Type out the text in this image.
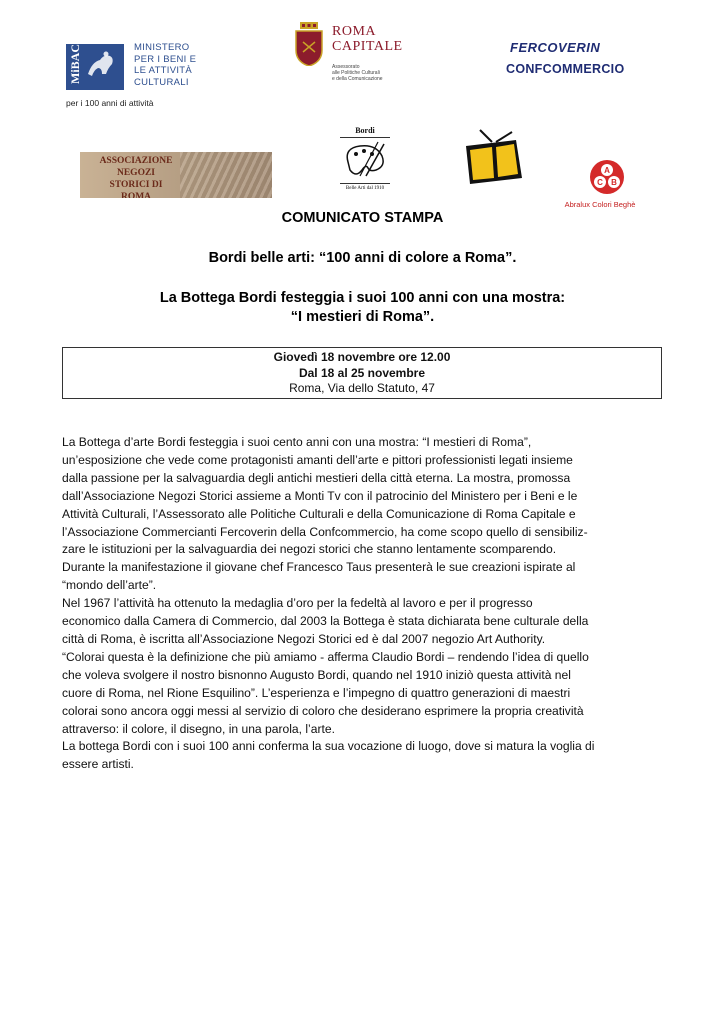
MiBAC	MINISTERO
PER I BENI E
LE ATTIVITÀ
CULTURALI
per i 100 anni di attività
ROMA
CAPITALE
Assessorato
alle Politiche Culturali
e della Comunicazione
FERCOVERIN
CONFCOMMERCIO
ASSOCIAZIONE
NEGOZI
STORICI DI ROMA
Bordi
Belle Arti dal 1910
A
C B
Abralux Colori Beghè
COMUNICATO STAMPA
Bordi belle arti: “100 anni di colore a Roma”.
La Bottega Bordi festeggia i suoi 100 anni con una mostra:
“I mestieri di Roma”.
Giovedì 18 novembre ore 12.00
Dal 18 al 25 novembre
Roma, Via dello Statuto, 47

La Bottega d’arte Bordi festeggia i suoi cento anni con una mostra: “I mestieri di Roma”,

un’esposizione che vede come protagonisti amanti dell’arte e pittori professionisti legati insieme

dalla passione per la salvaguardia degli antichi mestieri della città eterna. La mostra, promossa

dall’Associazione Negozi Storici assieme a Monti Tv con il patrocinio del Ministero per i Beni e le

Attività Culturali, l’Assessorato alle Politiche Culturali e della Comunicazione di Roma Capitale e

l’Associazione Commercianti Fercoverin della Confcommercio, ha come scopo quello di sensibiliz-

zare le istituzioni per la salvaguardia dei negozi storici che stanno lentamente scomparendo.

Durante la manifestazione il giovane chef Francesco Taus presenterà le sue creazioni ispirate al

“mondo dell’arte”.

Nel 1967 l’attività ha ottenuto la medaglia d’oro per la fedeltà al lavoro e per il progresso

economico dalla Camera di Commercio, dal 2003 la Bottega è stata dichiarata bene culturale della

città di Roma, è iscritta all’Associazione Negozi Storici ed è dal 2007 negozio Art Authority.

“Colorai questa è la definizione che più amiamo - afferma Claudio Bordi – rendendo l’idea di quello

che voleva svolgere il nostro bisnonno Augusto Bordi, quando nel 1910 iniziò questa attività nel

cuore di Roma, nel Rione Esquilino”. L’esperienza e l’impegno di quattro generazioni di maestri

colorai sono ancora oggi messi al servizio di coloro che desiderano esprimere la propria creatività

attraverso: il colore, il disegno, in una parola, l’arte.

La bottega Bordi con i suoi 100 anni conferma la sua vocazione di luogo, dove si matura la voglia di

essere artisti.
